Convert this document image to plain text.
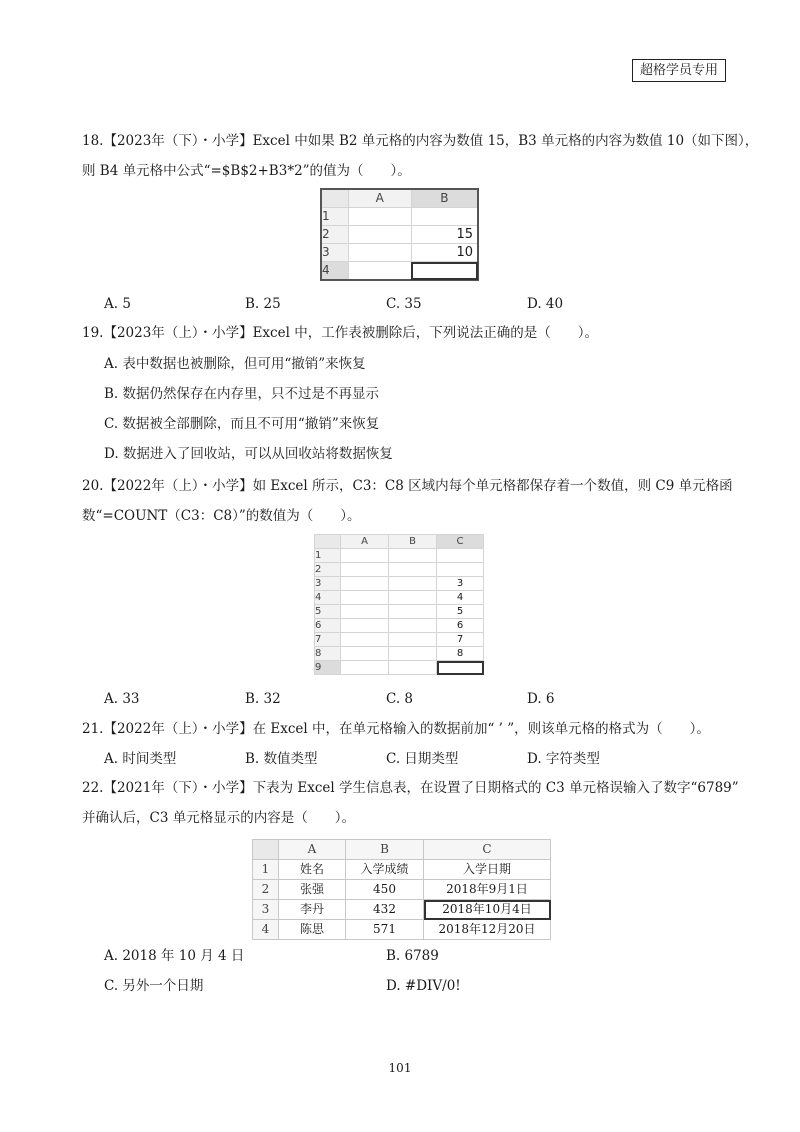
超格学员专用
18.【2023年（下）・小学】Excel 中如果 B2 单元格的内容为数值 15，B3 单元格的内容为数值 10（如下图），
则 B4 单元格中公式“=$B$2+B3*2”的值为（　　）。
	A	B
1		
2		15
3		10
4		
A. 5	B. 25	C. 35	D. 40
19.【2023年（上）・小学】Excel 中，工作表被删除后，下列说法正确的是（　　）。
A. 表中数据也被删除，但可用“撤销”来恢复
B. 数据仍然保存在内存里，只不过是不再显示
C. 数据被全部删除，而且不可用“撤销”来恢复
D. 数据进入了回收站，可以从回收站将数据恢复
20.【2022年（上）・小学】如 Excel 所示，C3：C8 区域内每个单元格都保存着一个数值，则 C9 单元格函
数“=COUNT（C3：C8）”的数值为（　　）。
	A	B	C
1			
2			
3			3
4			4
5			5
6			6
7			7
8			8
9			
A. 33	B. 32	C. 8	D. 6
21.【2022年（上）・小学】在 Excel 中，在单元格输入的数据前加“ ’ ”，则该单元格的格式为（　　）。
A. 时间类型	B. 数值类型	C. 日期类型	D. 字符类型
22.【2021年（下）・小学】下表为 Excel 学生信息表，在设置了日期格式的 C3 单元格误输入了数字“6789”
并确认后，C3 单元格显示的内容是（　　）。
	A	B	C
1	姓名	入学成绩	入学日期
2	张强	450	2018年9月1日
3	李丹	432	2018年10月4日
4	陈思	571	2018年12月20日
A. 2018 年 10 月 4 日	B. 6789
C. 另外一个日期	D. #DIV/0!
101
